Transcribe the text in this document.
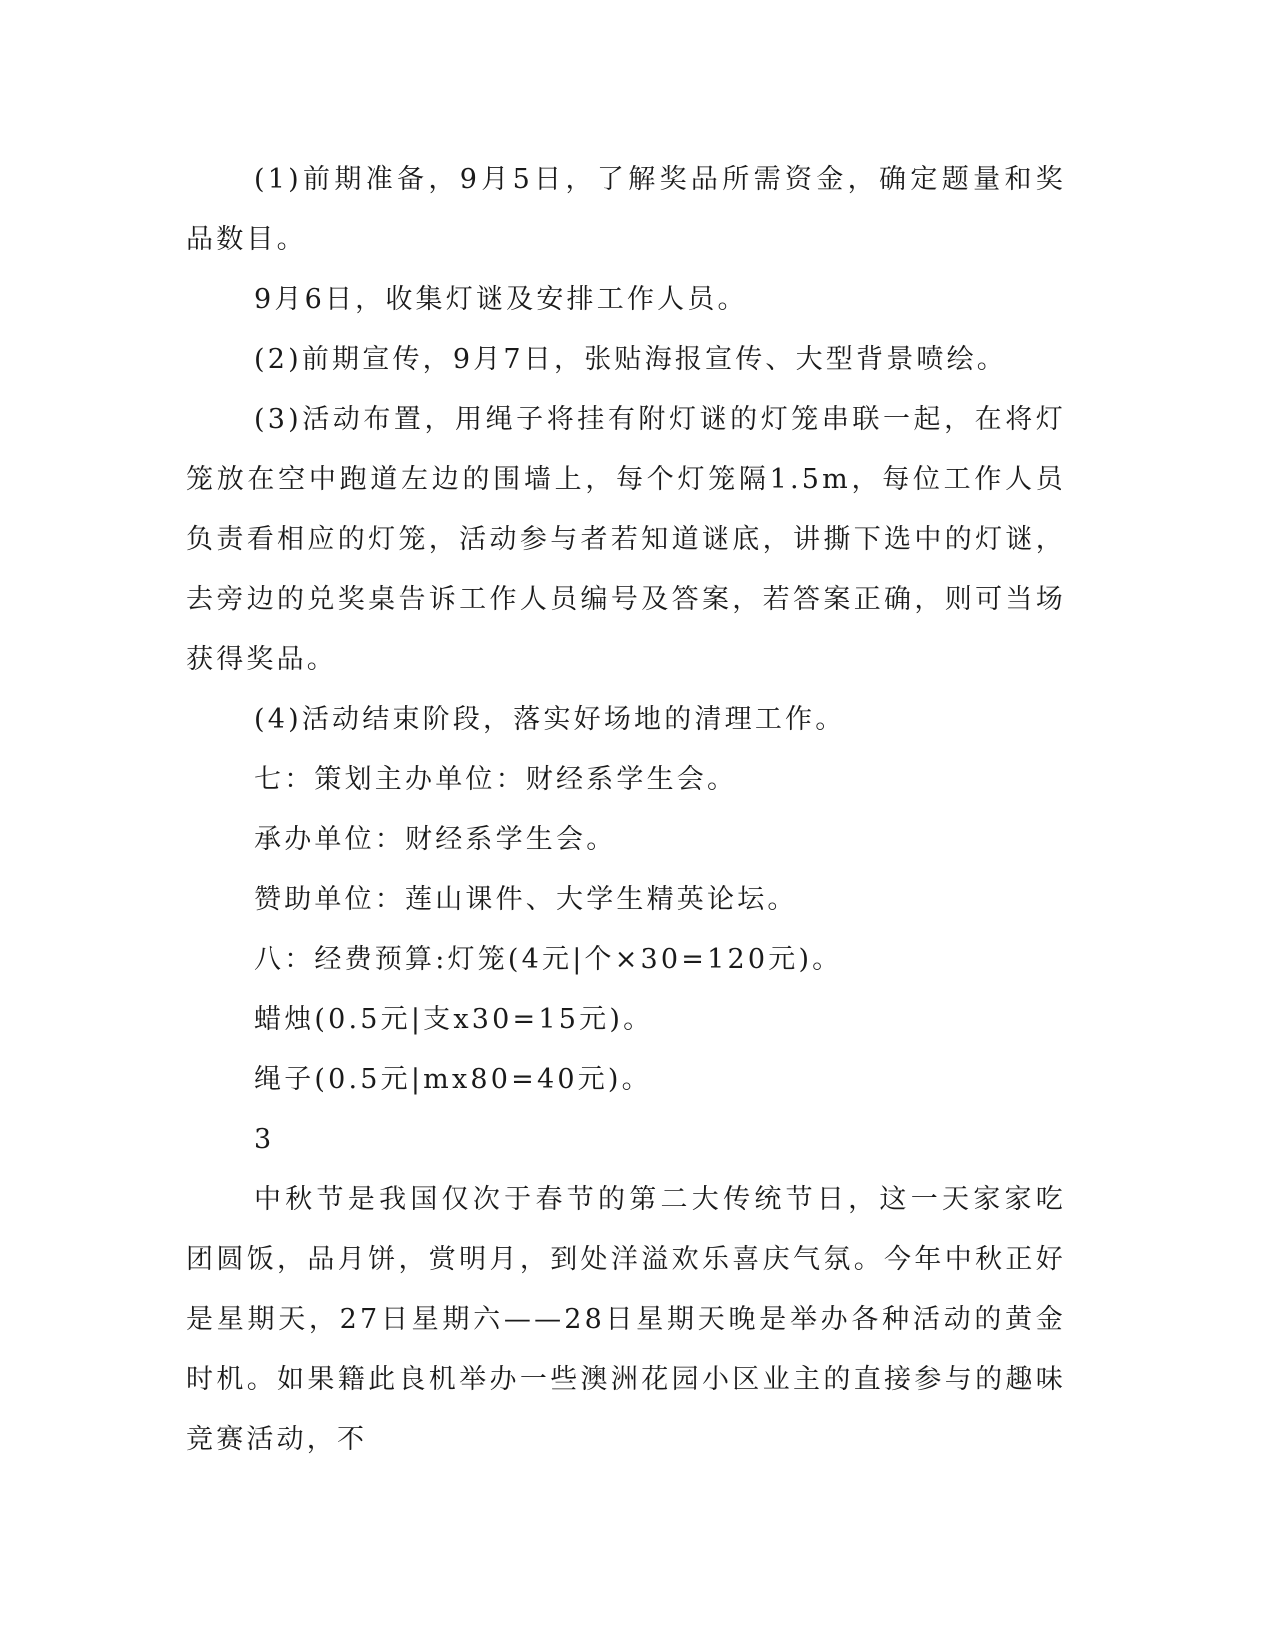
(1)前期准备，9月5日，了解奖品所需资金，确定题量和奖品数目。

9月6日，收集灯谜及安排工作人员。

(2)前期宣传，9月7日，张贴海报宣传、大型背景喷绘。

(3)活动布置，用绳子将挂有附灯谜的灯笼串联一起，在将灯笼放在空中跑道左边的围墙上，每个灯笼隔1.5m，每位工作人员负责看相应的灯笼，活动参与者若知道谜底，讲撕下选中的灯谜，去旁边的兑奖桌告诉工作人员编号及答案，若答案正确，则可当场获得奖品。

(4)活动结束阶段，落实好场地的清理工作。

七：策划主办单位：财经系学生会。

承办单位：财经系学生会。

赞助单位：莲山课件、大学生精英论坛。

八：经费预算:灯笼(4元|个×30=120元)。

蜡烛(0.5元|支x30=15元)。

绳子(0.5元|mx80=40元)。

3

中秋节是我国仅次于春节的第二大传统节日，这一天家家吃团圆饭，品月饼，赏明月，到处洋溢欢乐喜庆气氛。今年中秋正好是星期天，27日星期六——28日星期天晚是举办各种活动的黄金时机。如果籍此良机举办一些澳洲花园小区业主的直接参与的趣味竞赛活动，不
